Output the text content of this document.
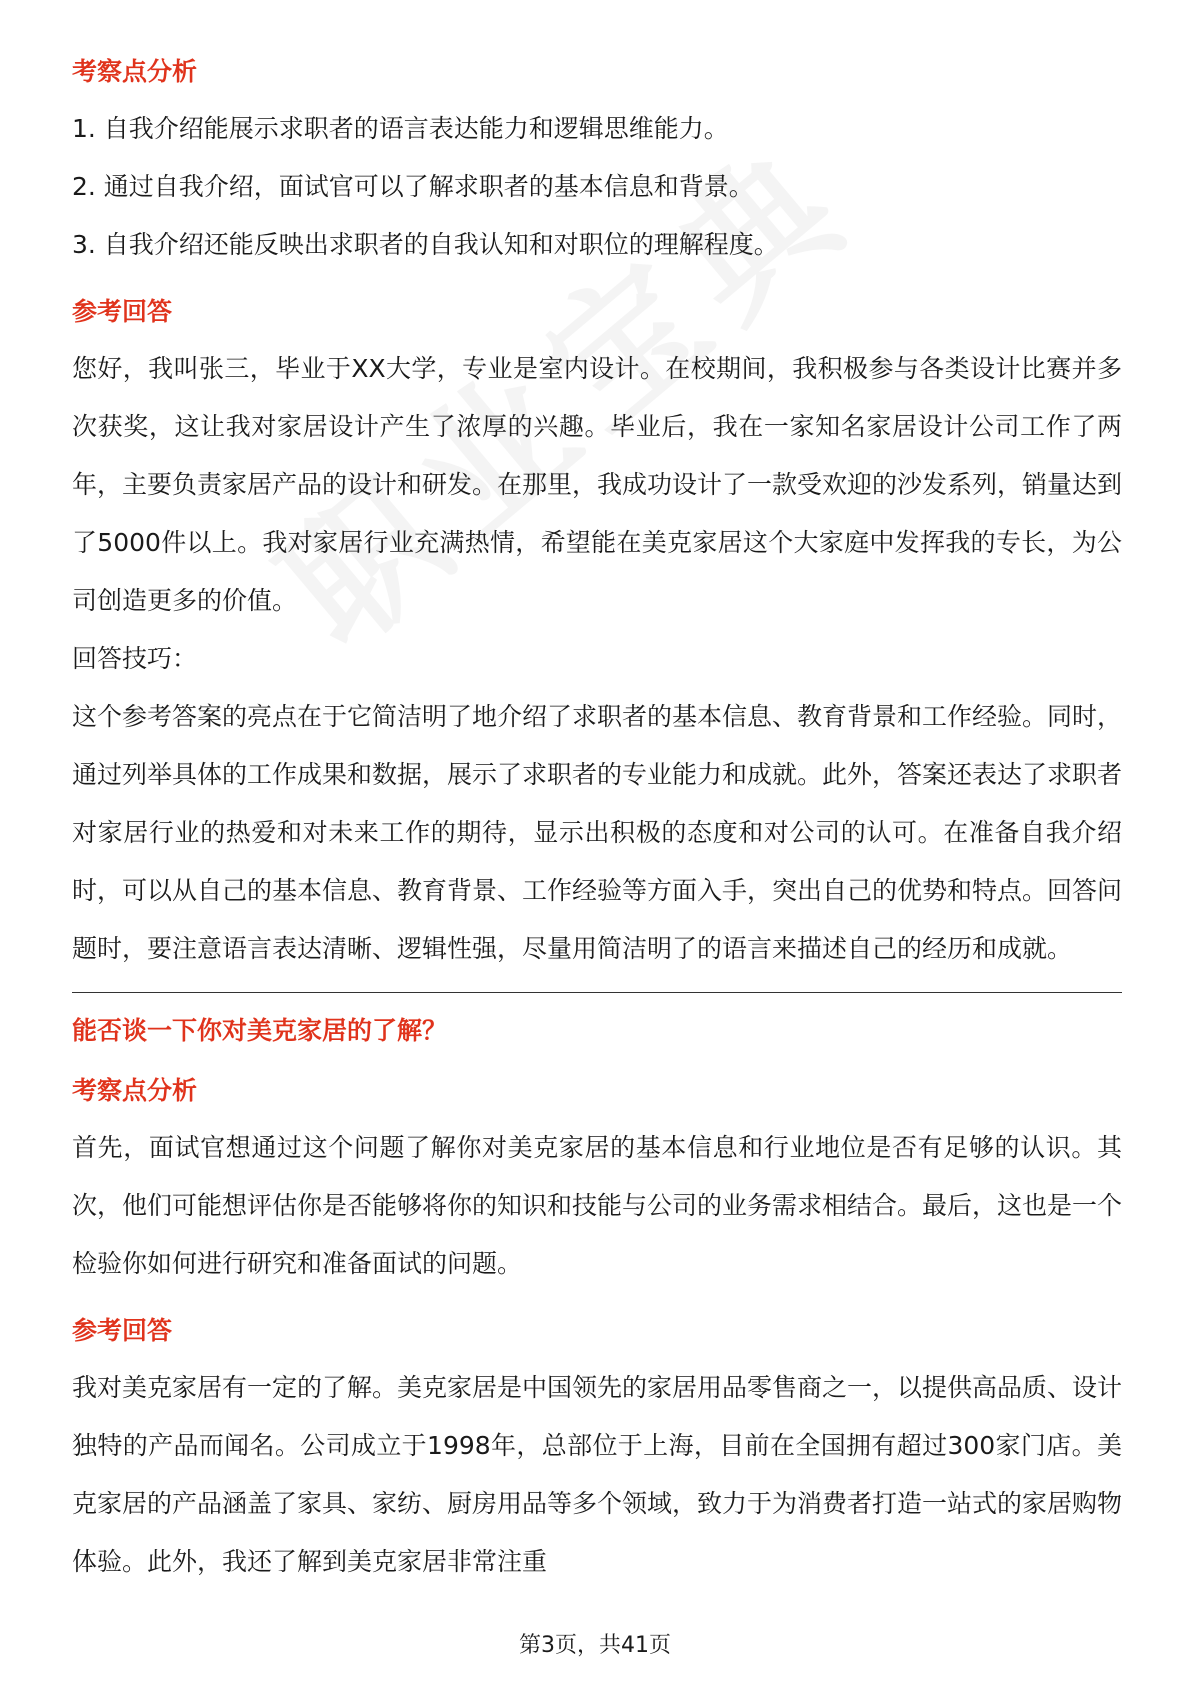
考察点分析

1. 自我介绍能展示求职者的语言表达能力和逻辑思维能力。

2. 通过自我介绍，面试官可以了解求职者的基本信息和背景。

3. 自我介绍还能反映出求职者的自我认知和对职位的理解程度。

参考回答

您好，我叫张三，毕业于XX大学，专业是室内设计。在校期间，我积极参与各类设计比赛并多次获奖，这让我对家居设计产生了浓厚的兴趣。毕业后，我在一家知名家居设计公司工作了两年，主要负责家居产品的设计和研发。在那里，我成功设计了一款受欢迎的沙发系列，销量达到了5000件以上。我对家居行业充满热情，希望能在美克家居这个大家庭中发挥我的专长，为公司创造更多的价值。

回答技巧：

这个参考答案的亮点在于它简洁明了地介绍了求职者的基本信息、教育背景和工作经验。同时，通过列举具体的工作成果和数据，展示了求职者的专业能力和成就。此外，答案还表达了求职者对家居行业的热爱和对未来工作的期待，显示出积极的态度和对公司的认可。在准备自我介绍时，可以从自己的基本信息、教育背景、工作经验等方面入手，突出自己的优势和特点。回答问题时，要注意语言表达清晰、逻辑性强，尽量用简洁明了的语言来描述自己的经历和成就。

能否谈一下你对美克家居的了解？
考察点分析

首先，面试官想通过这个问题了解你对美克家居的基本信息和行业地位是否有足够的认识。其次，他们可能想评估你是否能够将你的知识和技能与公司的业务需求相结合。最后，这也是一个检验你如何进行研究和准备面试的问题。

参考回答

我对美克家居有一定的了解。美克家居是中国领先的家居用品零售商之一，以提供高品质、设计独特的产品而闻名。公司成立于1998年，总部位于上海，目前在全国拥有超过300家门店。美克家居的产品涵盖了家具、家纺、厨房用品等多个领域，致力于为消费者打造一站式的家居购物体验。此外，我还了解到美克家居非常注重

第3页，共41页
